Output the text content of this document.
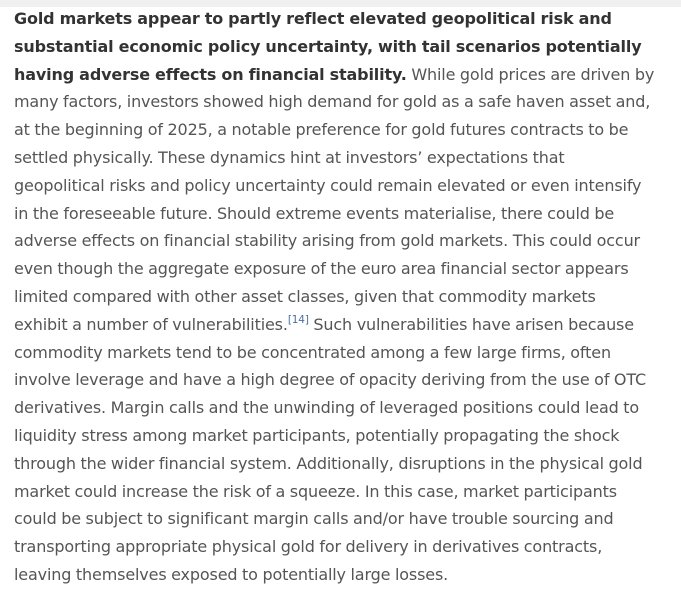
Gold markets appear to partly reflect elevated geopolitical risk and
substantial economic policy uncertainty, with tail scenarios potentially
having adverse effects on financial stability. While gold prices are driven by
many factors, investors showed high demand for gold as a safe haven asset and,
at the beginning of 2025, a notable preference for gold futures contracts to be
settled physically. These dynamics hint at investors’ expectations that
geopolitical risks and policy uncertainty could remain elevated or even intensify
in the foreseeable future. Should extreme events materialise, there could be
adverse effects on financial stability arising from gold markets. This could occur
even though the aggregate exposure of the euro area financial sector appears
limited compared with other asset classes, given that commodity markets
exhibit a number of vulnerabilities.[14] Such vulnerabilities have arisen because
commodity markets tend to be concentrated among a few large firms, often
involve leverage and have a high degree of opacity deriving from the use of OTC
derivatives. Margin calls and the unwinding of leveraged positions could lead to
liquidity stress among market participants, potentially propagating the shock
through the wider financial system. Additionally, disruptions in the physical gold
market could increase the risk of a squeeze. In this case, market participants
could be subject to significant margin calls and/or have trouble sourcing and
transporting appropriate physical gold for delivery in derivatives contracts,
leaving themselves exposed to potentially large losses.
